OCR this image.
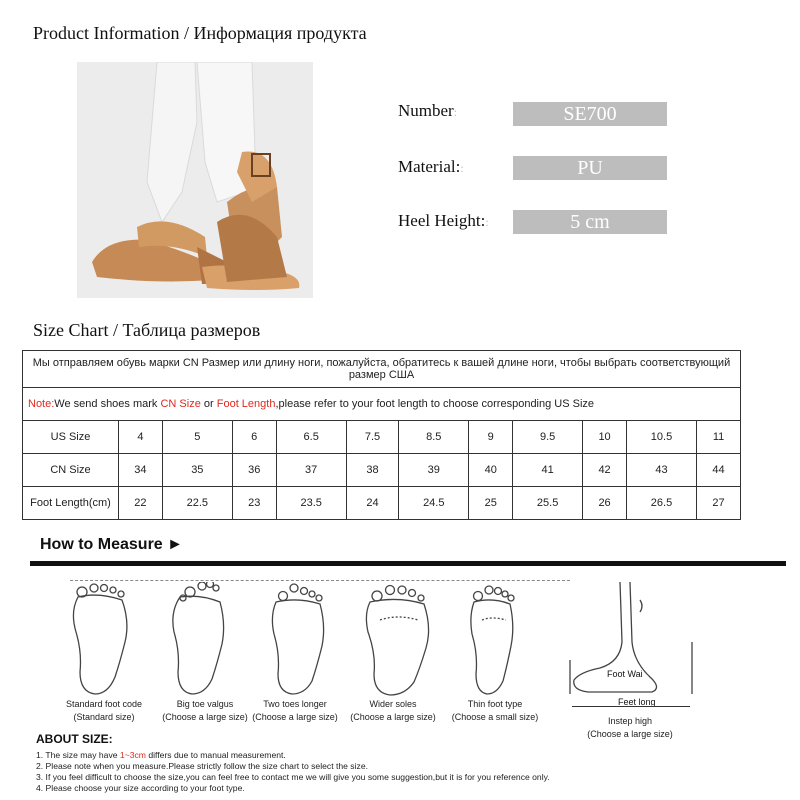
Product Information / Информация продукта
Number:	SE700
Material::	PU
Heel Height::	5 cm
Size Chart / Таблица размеров
Мы отправляем обувь марки CN Размер или длину ноги, пожалуйста, обратитесь к вашей длине ноги, чтобы выбрать соответствующий размер США											
Note:We send shoes mark CN Size or Foot Length,please refer to your foot length to choose corresponding US Size											
US Size	4	5	6	6.5	7.5	8.5	9	9.5	10	10.5	11
CN Size	34	35	36	37	38	39	40	41	42	43	44
Foot Length(cm)	22	22.5	23	23.5	24	24.5	25	25.5	26	26.5	27
How to Measure ►
Foot Wai
Feet long
Standard foot code
(Standard size)
Big toe valgus
(Choose a large size)
Two toes longer
(Choose a large size)
Wider soles
(Choose a large size)
Thin foot type
(Choose a small size)	Instep high
(Choose a large size)
ABOUT SIZE:
1. The size may have 1~3cm differs due to manual measurement.
2. Please note when you measure.Please strictly follow the size chart to select the size.
3. If you feel difficult to choose the size,you can feel free to contact me we will give you some suggestion,but it is for you reference only.
4. Please choose your size according to your foot type.
